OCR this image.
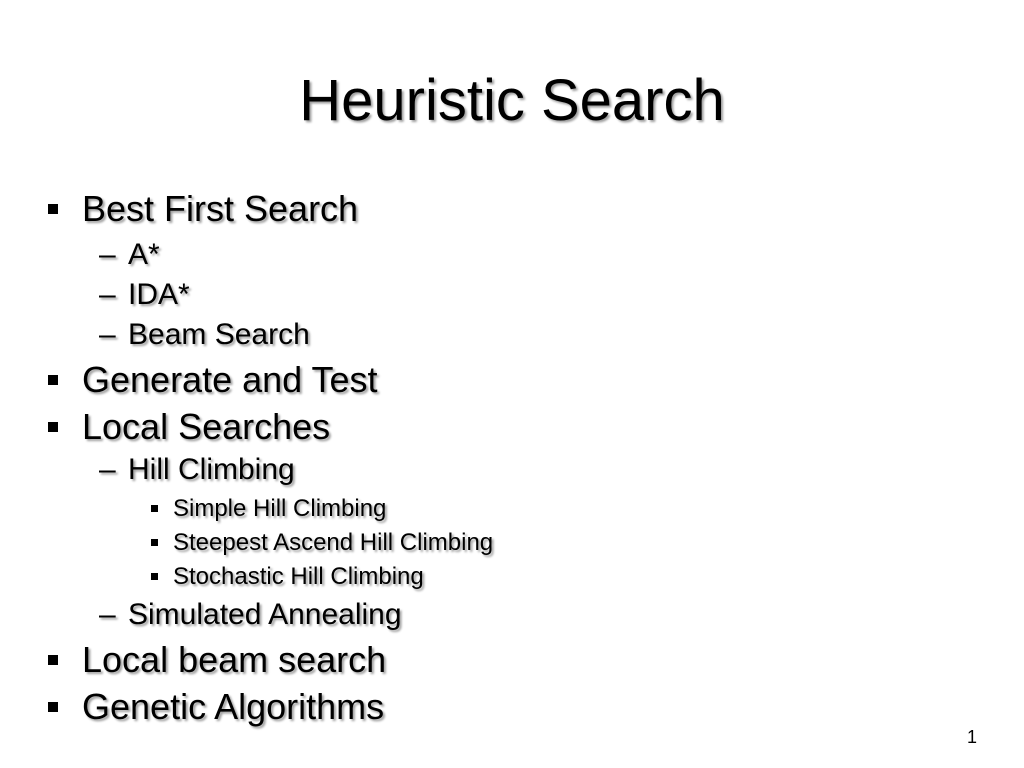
Heuristic Search
Best First Search
– A*
– IDA*
– Beam Search
Generate and Test
Local Searches
– Hill Climbing
Simple Hill Climbing
Steepest Ascend Hill Climbing
Stochastic Hill Climbing
– Simulated Annealing
Local beam search
Genetic Algorithms
1
